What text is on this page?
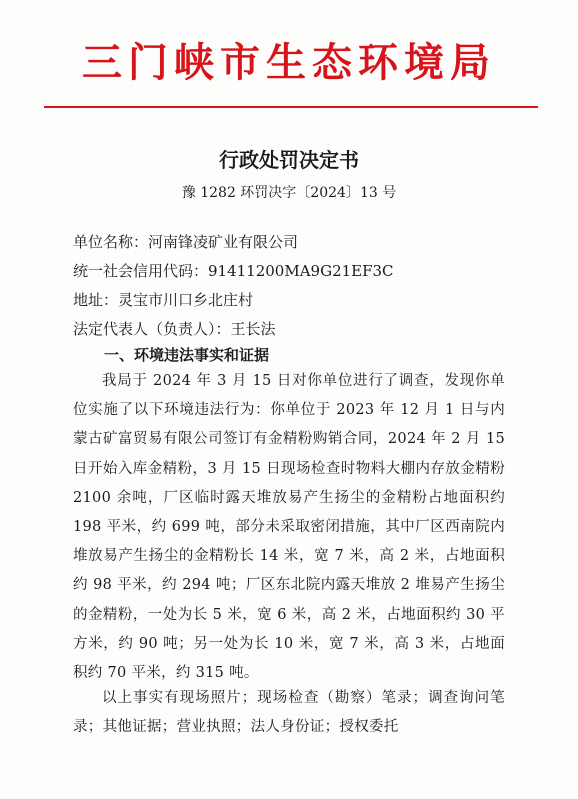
三门峡市生态环境局
行政处罚决定书
豫 1282 环罚决字〔2024〕13 号
单位名称：河南锋凌矿业有限公司
统一社会信用代码：91411200MA9G21EF3C
地址：灵宝市川口乡北庄村
法定代表人（负责人）：王长法
一、环境违法事实和证据
我局于 2024 年 3 月 15 日对你单位进行了调查，发现你单位实施了以下环境违法行为：你单位于 2023 年 12 月 1 日与内蒙古矿富贸易有限公司签订有金精粉购销合同，2024 年 2 月 15 日开始入库金精粉，3 月 15 日现场检查时物料大棚内存放金精粉 2100 余吨，厂区临时露天堆放易产生扬尘的金精粉占地面积约 198 平米，约 699 吨，部分未采取密闭措施，其中厂区西南院内堆放易产生扬尘的金精粉长 14 米，宽 7 米，高 2 米，占地面积约 98 平米，约 294 吨；厂区东北院内露天堆放 2 堆易产生扬尘的金精粉，一处为长 5 米，宽 6 米，高 2 米，占地面积约 30 平方米，约 90 吨；另一处为长 10 米，宽 7 米，高 3 米，占地面积约 70 平米，约 315 吨。
以上事实有现场照片；现场检查（勘察）笔录；调查询问笔录；其他证据；营业执照；法人身份证；授权委托
